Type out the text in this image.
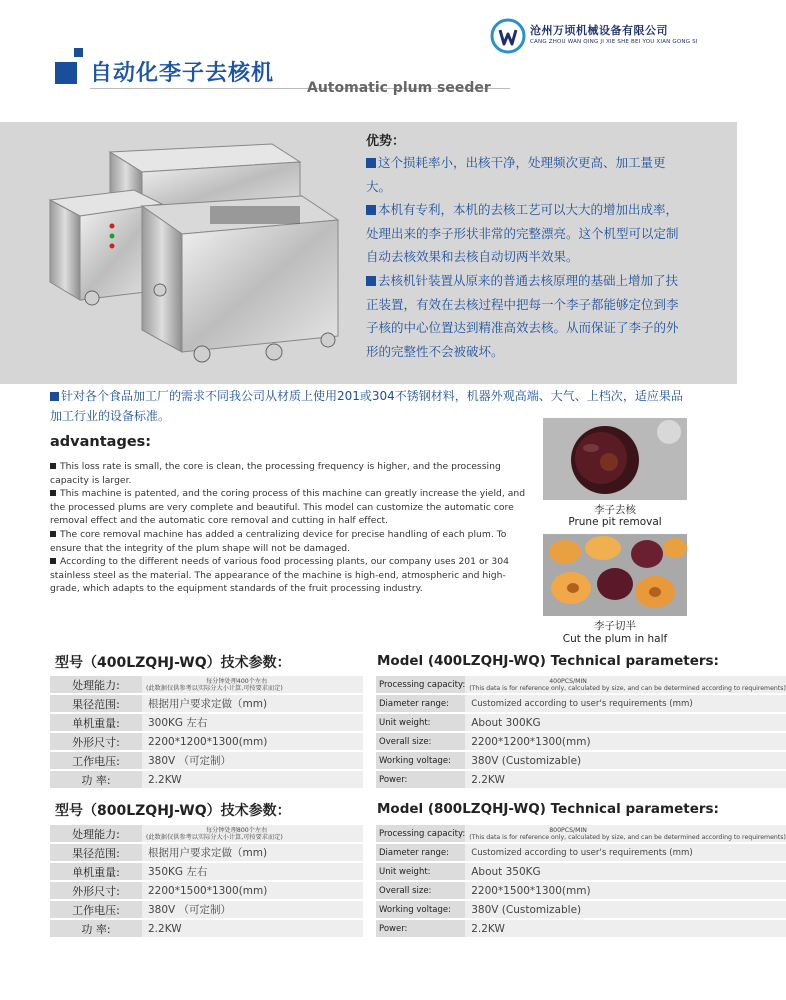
沧州万顷机械设备有限公司
CANG ZHOU WAN QING JI XIE SHE BEI YOU XIAN GONG SI
自动化李子去核机
Automatic plum seeder
优势：

这个损耗率小，出核干净，处理频次更高、加工量更大。

本机有专利，本机的去核工艺可以大大的增加出成率，处理出来的李子形状非常的完整漂亮。这个机型可以定制自动去核效果和去核自动切两半效果。

去核机针装置从原来的普通去核原理的基础上增加了扶正装置，有效在去核过程中把每一个李子都能够定位到李子核的中心位置达到精准高效去核。从而保证了李子的外形的完整性不会被破坏。

针对各个食品加工厂的需求不同我公司从材质上使用201或304不锈钢材料，机器外观高端、大气、上档次，适应果品加工行业的设备标准。
advantages:

This loss rate is small, the core is clean, the processing frequency is higher, and the processing capacity is larger.

This machine is patented, and the coring process of this machine can greatly increase the yield, and the processed plums are very complete and beautiful. This model can customize the automatic core removal effect and the automatic core removal and cutting in half effect.

The core removal machine has added a centralizing device for precise handling of each plum. To ensure that the integrity of the plum shape will not be damaged.

According to the different needs of various food processing plants, our company uses 201 or 304 stainless steel as the material. The appearance of the machine is high-end, atmospheric and high-grade, which adapts to the equipment standards of the fruit processing industry.

李子去核
Prune pit removal
李子切半
Cut the plum in half
型号（400LZQHJ-WQ）技术参数：	Model (400LZQHJ-WQ) Technical parameters:
处理能力:	每分钟处理400个左右
(此数据仅供参考以实际分大小计算,可按要求而定)

果径范围:	根据用户要求定做（mm)
单机重量:	300KG 左右
外形尺寸:	2200*1200*1300(mm)
工作电压:	380V （可定制）
功 率:	2.2KW
Processing capacity:	400PCS/MIN
(This data is for reference only, calculated by size, and can be determined according to requirements)

Diameter range:	Customized according to user's requirements (mm)
Unit weight:	About 300KG
Overall size:	2200*1200*1300(mm)
Working voltage:	380V (Customizable)
Power:	2.2KW
型号（800LZQHJ-WQ）技术参数：	Model (800LZQHJ-WQ) Technical parameters:
处理能力:	每分钟处理800个左右
(此数据仅供参考以实际分大小计算,可按要求而定)

果径范围:	根据用户要求定做（mm)
单机重量:	350KG 左右
外形尺寸:	2200*1500*1300(mm)
工作电压:	380V （可定制）
功 率:	2.2KW
Processing capacity:	800PCS/MIN
(This data is for reference only, calculated by size, and can be determined according to requirements)

Diameter range:	Customized according to user's requirements (mm)
Unit weight:	About 350KG
Overall size:	2200*1500*1300(mm)
Working voltage:	380V (Customizable)
Power:	2.2KW
